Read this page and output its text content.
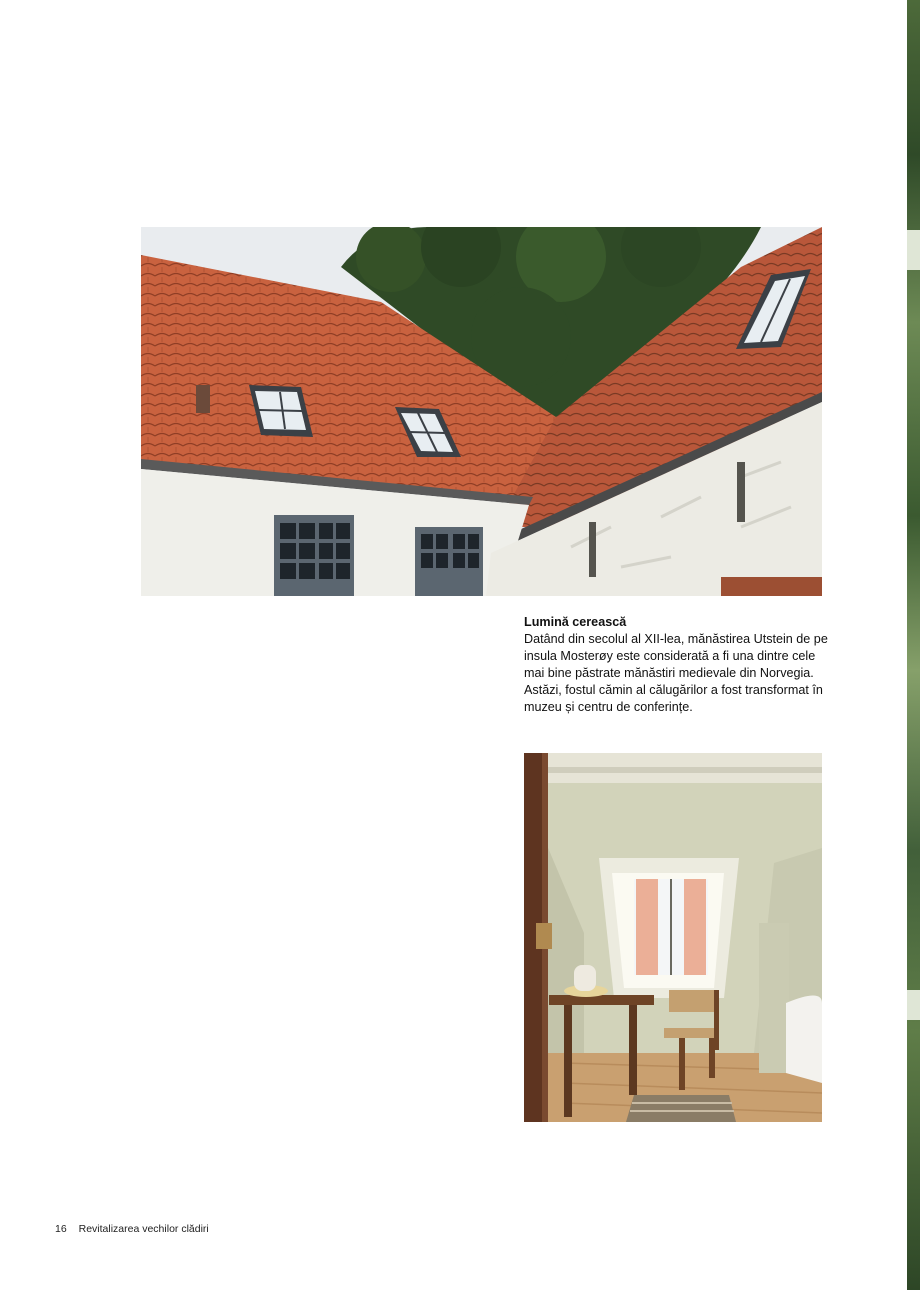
Lumină cerească
Datând din secolul al XII-lea, mănăstirea Utstein de pe insula Mosterøy este considerată a fi una dintre cele mai bine păstrate mănăstiri medievale din Norvegia. Astăzi, fostul cămin al călugărilor a fost transformat în muzeu și centru de conferințe.
16 Revitalizarea vechilor clădiri
